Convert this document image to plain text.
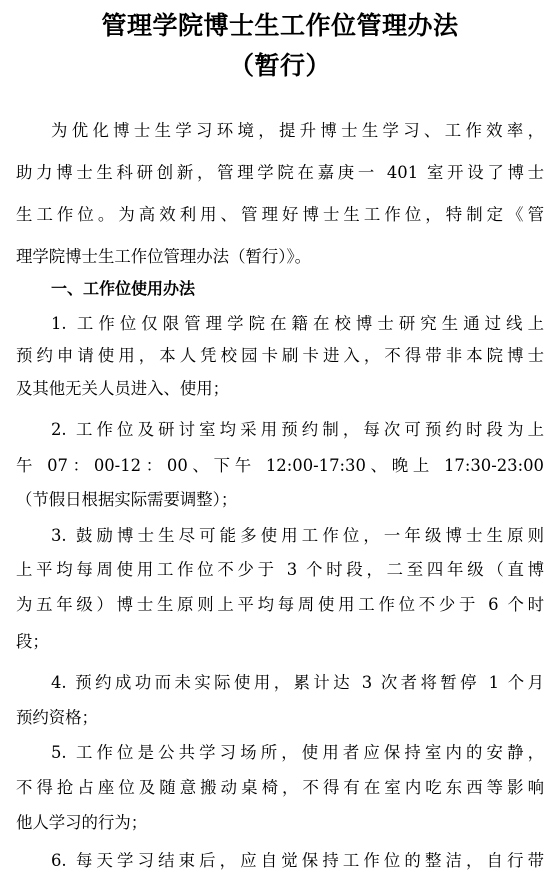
管理学院博士生工作位管理办法
（暂行）
为优化博士生学习环境，提升博士生学习、工作效率，
助力博士生科研创新，管理学院在嘉庚一 401 室开设了博士
生工作位。为高效利用、管理好博士生工作位，特制定《管
理学院博士生工作位管理办法（暂行）》。
一、工作位使用办法
1. 工作位仅限管理学院在籍在校博士研究生通过线上
预约申请使用，本人凭校园卡刷卡进入，不得带非本院博士
及其他无关人员进入、使用；
2. 工作位及研讨室均采用预约制，每次可预约时段为上
午 07：00-12：00、下午 12:00-17:30、晚上 17:30-23:00
（节假日根据实际需要调整）；
3. 鼓励博士生尽可能多使用工作位，一年级博士生原则
上平均每周使用工作位不少于 3 个时段，二至四年级（直博
为五年级）博士生原则上平均每周使用工作位不少于 6 个时
段；
4. 预约成功而未实际使用，累计达 3 次者将暂停 1 个月
预约资格；
5. 工作位是公共学习场所，使用者应保持室内的安静，
不得抢占座位及随意搬动桌椅，不得有在室内吃东西等影响
他人学习的行为；
6. 每天学习结束后，应自觉保持工作位的整洁，自行带
